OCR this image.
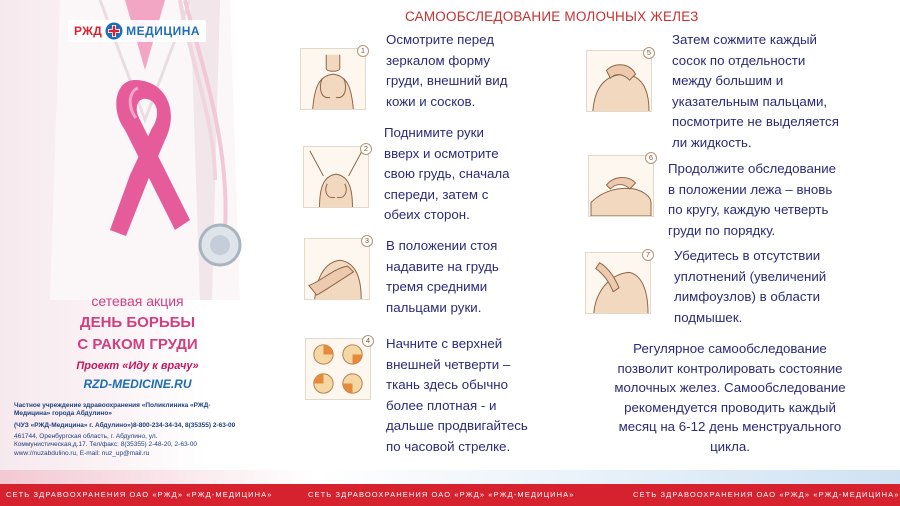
РЖД МЕДИЦИНА
сетевая акция
ДЕНЬ БОРЬБЫ
С РАКОМ ГРУДИ
Проект «Иду к врачу»
RZD-MEDICINE.RU
Частное учреждение здравоохранения «Поликлиника «РЖД-
Медицина» города Абдулино»
(ЧУЗ «РЖД-Медицина» г. Абдулино»)8-800-234-34-34, 8(35355) 2-63-00
461744, Оренбургская область, г. Абдулино, ул.
Коммунистическая,д.17. Тел/факс: 8(35355) 2-48-20, 2-63-00
www://nuzabdulino.ru, E-mail: nuz_up@mail.ru
САМООБСЛЕДОВАНИЕ МОЛОЧНЫХ ЖЕЛЕЗ
1
Осмотрите перед
зеркалом форму
груди, внешний вид
кожи и сосков.
2
Поднимите руки
вверх и осмотрите
свою грудь, сначала
спереди, затем с
обеих сторон.
3 В положении стоя
надавите на грудь
тремя средними
пальцами руки.
4 Начните с верхней
внешней четверти –
ткань здесь обычно
более плотная - и
дальше продвигайтесь
по часовой стрелке.
5
Затем сожмите каждый
сосок по отдельности
между большим и
указательным пальцами,
посмотрите не выделяется
ли жидкость.
6
Продолжите обследование
в положении лежа – вновь
по кругу, каждую четверть
груди по порядку.
7 Убедитесь в отсутствии
уплотнений (увеличений
лимфоузлов) в области
подмышек.
Регулярное самообследование
позволит контролировать состояние
молочных желез. Самообследование
рекомендуется проводить каждый
месяц на 6-12 день менструального
цикла.
СЕТЬ ЗДРАВООХРАНЕНИЯ ОАО «РЖД» «РЖД-МЕДИЦИНА»	СЕТЬ ЗДРАВООХРАНЕНИЯ ОАО «РЖД» «РЖД-МЕДИЦИНА»	СЕТЬ ЗДРАВООХРАНЕНИЯ ОАО «РЖД» «РЖД-МЕДИЦИНА»
